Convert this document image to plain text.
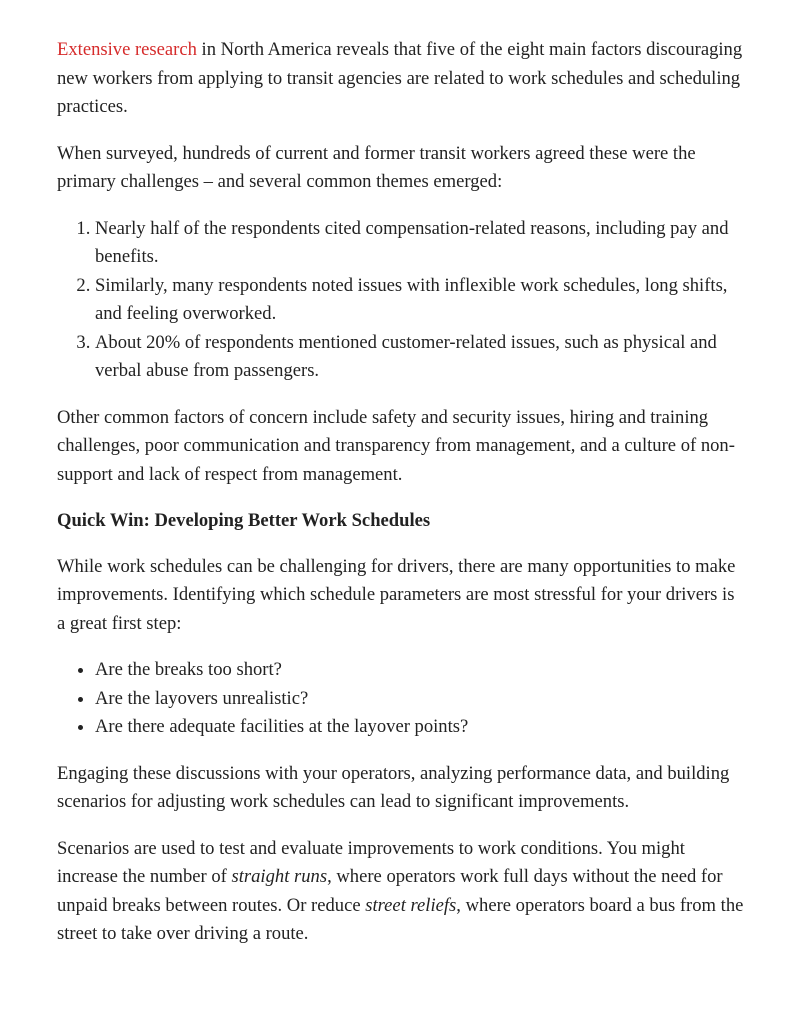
Extensive research in North America reveals that five of the eight main factors discouraging new workers from applying to transit agencies are related to work schedules and scheduling practices.

When surveyed, hundreds of current and former transit workers agreed these were the primary challenges – and several common themes emerged:

1. Nearly half of the respondents cited compensation-related reasons, including pay and benefits.
2. Similarly, many respondents noted issues with inflexible work schedules, long shifts, and feeling overworked.
3. About 20% of respondents mentioned customer-related issues, such as physical and verbal abuse from passengers.

Other common factors of concern include safety and security issues, hiring and training challenges, poor communication and transparency from management, and a culture of non-support and lack of respect from management.

Quick Win: Developing Better Work Schedules

While work schedules can be challenging for drivers, there are many opportunities to make improvements. Identifying which schedule parameters are most stressful for your drivers is a great first step:

• Are the breaks too short?
• Are the layovers unrealistic?
• Are there adequate facilities at the layover points?

Engaging these discussions with your operators, analyzing performance data, and building scenarios for adjusting work schedules can lead to significant improvements.

Scenarios are used to test and evaluate improvements to work conditions. You might increase the number of straight runs, where operators work full days without the need for unpaid breaks between routes. Or reduce street reliefs, where operators board a bus from the street to take over driving a route.
